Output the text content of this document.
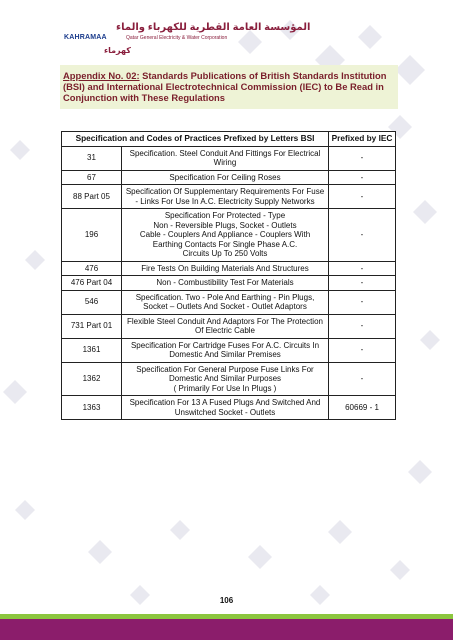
المؤسسة العامة القطرية للكهرباء والماء
KAHRAMAA	Qatar General Electricity & Water Corporation
كهرماء

Appendix No. 02: Standards Publications of British Standards Institution (BSI) and International Electrotechnical Commission (IEC) to Be Read in Conjunction with These Regulations

Specification and Codes of Practices Prefixed by Letters BSI		Prefixed by IEC
31	Specification. Steel Conduit And Fittings For Electrical Wiring	-
67	Specification For Ceiling Roses	-
88 Part 05	Specification Of Supplementary Requirements For Fuse - Links For Use In A.C. Electricity Supply Networks	-
196	Specification For Protected - Type
Non - Reversible Plugs, Socket - Outlets
Cable - Couplers And Appliance - Couplers With Earthing Contacts For Single Phase A.C.
Circuits Up To 250 Volts	-
476	Fire Tests On Building Materials And Structures	-
476 Part 04	Non - Combustibility Test For Materials	-
546	Specification. Two - Pole And Earthing - Pin Plugs, Socket – Outlets And Socket - Outlet Adaptors	-
731 Part 01	Flexible Steel Conduit And Adaptors For The Protection Of Electric Cable	-
1361	Specification For Cartridge Fuses For A.C. Circuits In Domestic And Similar Premises	-
1362	Specification For General Purpose Fuse Links For Domestic And Similar Purposes
( Primarily For Use In Plugs )	-
1363	Specification For 13 A Fused Plugs And Switched And Unswitched Socket - Outlets	60669 - 1
106
